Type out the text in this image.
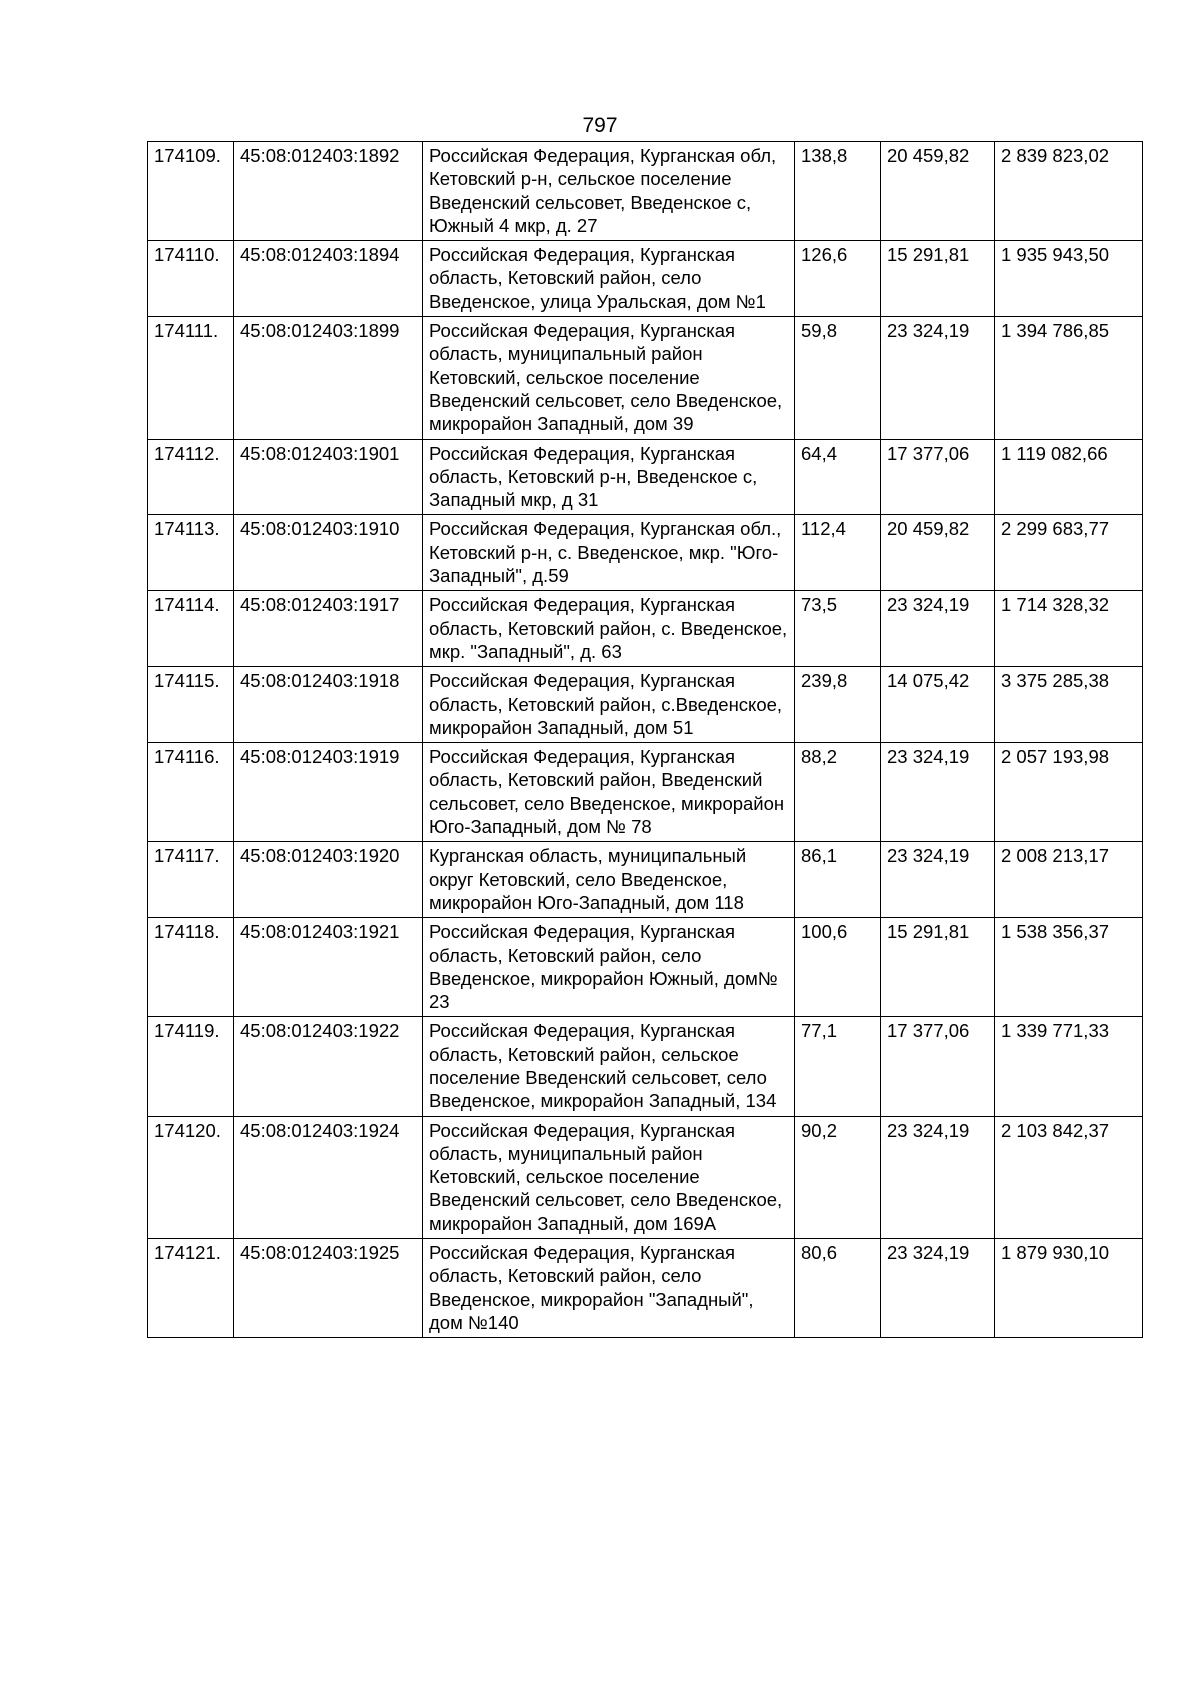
797
174109.	45:08:012403:1892	Российская Федерация, Курганская обл, Кетовский р-н, сельское поселение Введенский сельсовет, Введенское с, Южный 4 мкр, д. 27	138,8	20 459,82	2 839 823,02
174110.	45:08:012403:1894	Российская Федерация, Курганская область, Кетовский район, село Введенское, улица Уральская, дом №1	126,6	15 291,81	1 935 943,50
174111.	45:08:012403:1899	Российская Федерация, Курганская область, муниципальный район Кетовский, сельское поселение Введенский сельсовет, село Введенское, микрорайон Западный, дом 39	59,8	23 324,19	1 394 786,85
174112.	45:08:012403:1901	Российская Федерация, Курганская область, Кетовский р-н, Введенское с, Западный мкр, д 31	64,4	17 377,06	1 119 082,66
174113.	45:08:012403:1910	Российская Федерация, Курганская обл., Кетовский р-н, с. Введенское, мкр. "Юго-Западный", д.59	112,4	20 459,82	2 299 683,77
174114.	45:08:012403:1917	Российская Федерация, Курганская область, Кетовский район, с. Введенское, мкр. "Западный", д. 63	73,5	23 324,19	1 714 328,32
174115.	45:08:012403:1918	Российская Федерация, Курганская область, Кетовский район, с.Введенское, микрорайон Западный, дом 51	239,8	14 075,42	3 375 285,38
174116.	45:08:012403:1919	Российская Федерация, Курганская область, Кетовский район, Введенский сельсовет, село Введенское, микрорайон Юго-Западный, дом № 78	88,2	23 324,19	2 057 193,98
174117.	45:08:012403:1920	Курганская область, муниципальный округ Кетовский, село Введенское, микрорайон Юго-Западный, дом 118	86,1	23 324,19	2 008 213,17
174118.	45:08:012403:1921	Российская Федерация, Курганская область, Кетовский район, село Введенское, микрорайон Южный, дом№ 23	100,6	15 291,81	1 538 356,37
174119.	45:08:012403:1922	Российская Федерация, Курганская область, Кетовский район, сельское поселение Введенский сельсовет, село Введенское, микрорайон Западный, 134	77,1	17 377,06	1 339 771,33
174120.	45:08:012403:1924	Российская Федерация, Курганская область, муниципальный район Кетовский, сельское поселение Введенский сельсовет, село Введенское, микрорайон Западный, дом 169А	90,2	23 324,19	2 103 842,37
174121.	45:08:012403:1925	Российская Федерация, Курганская область, Кетовский район, село Введенское, микрорайон "Западный", дом №140	80,6	23 324,19	1 879 930,10
